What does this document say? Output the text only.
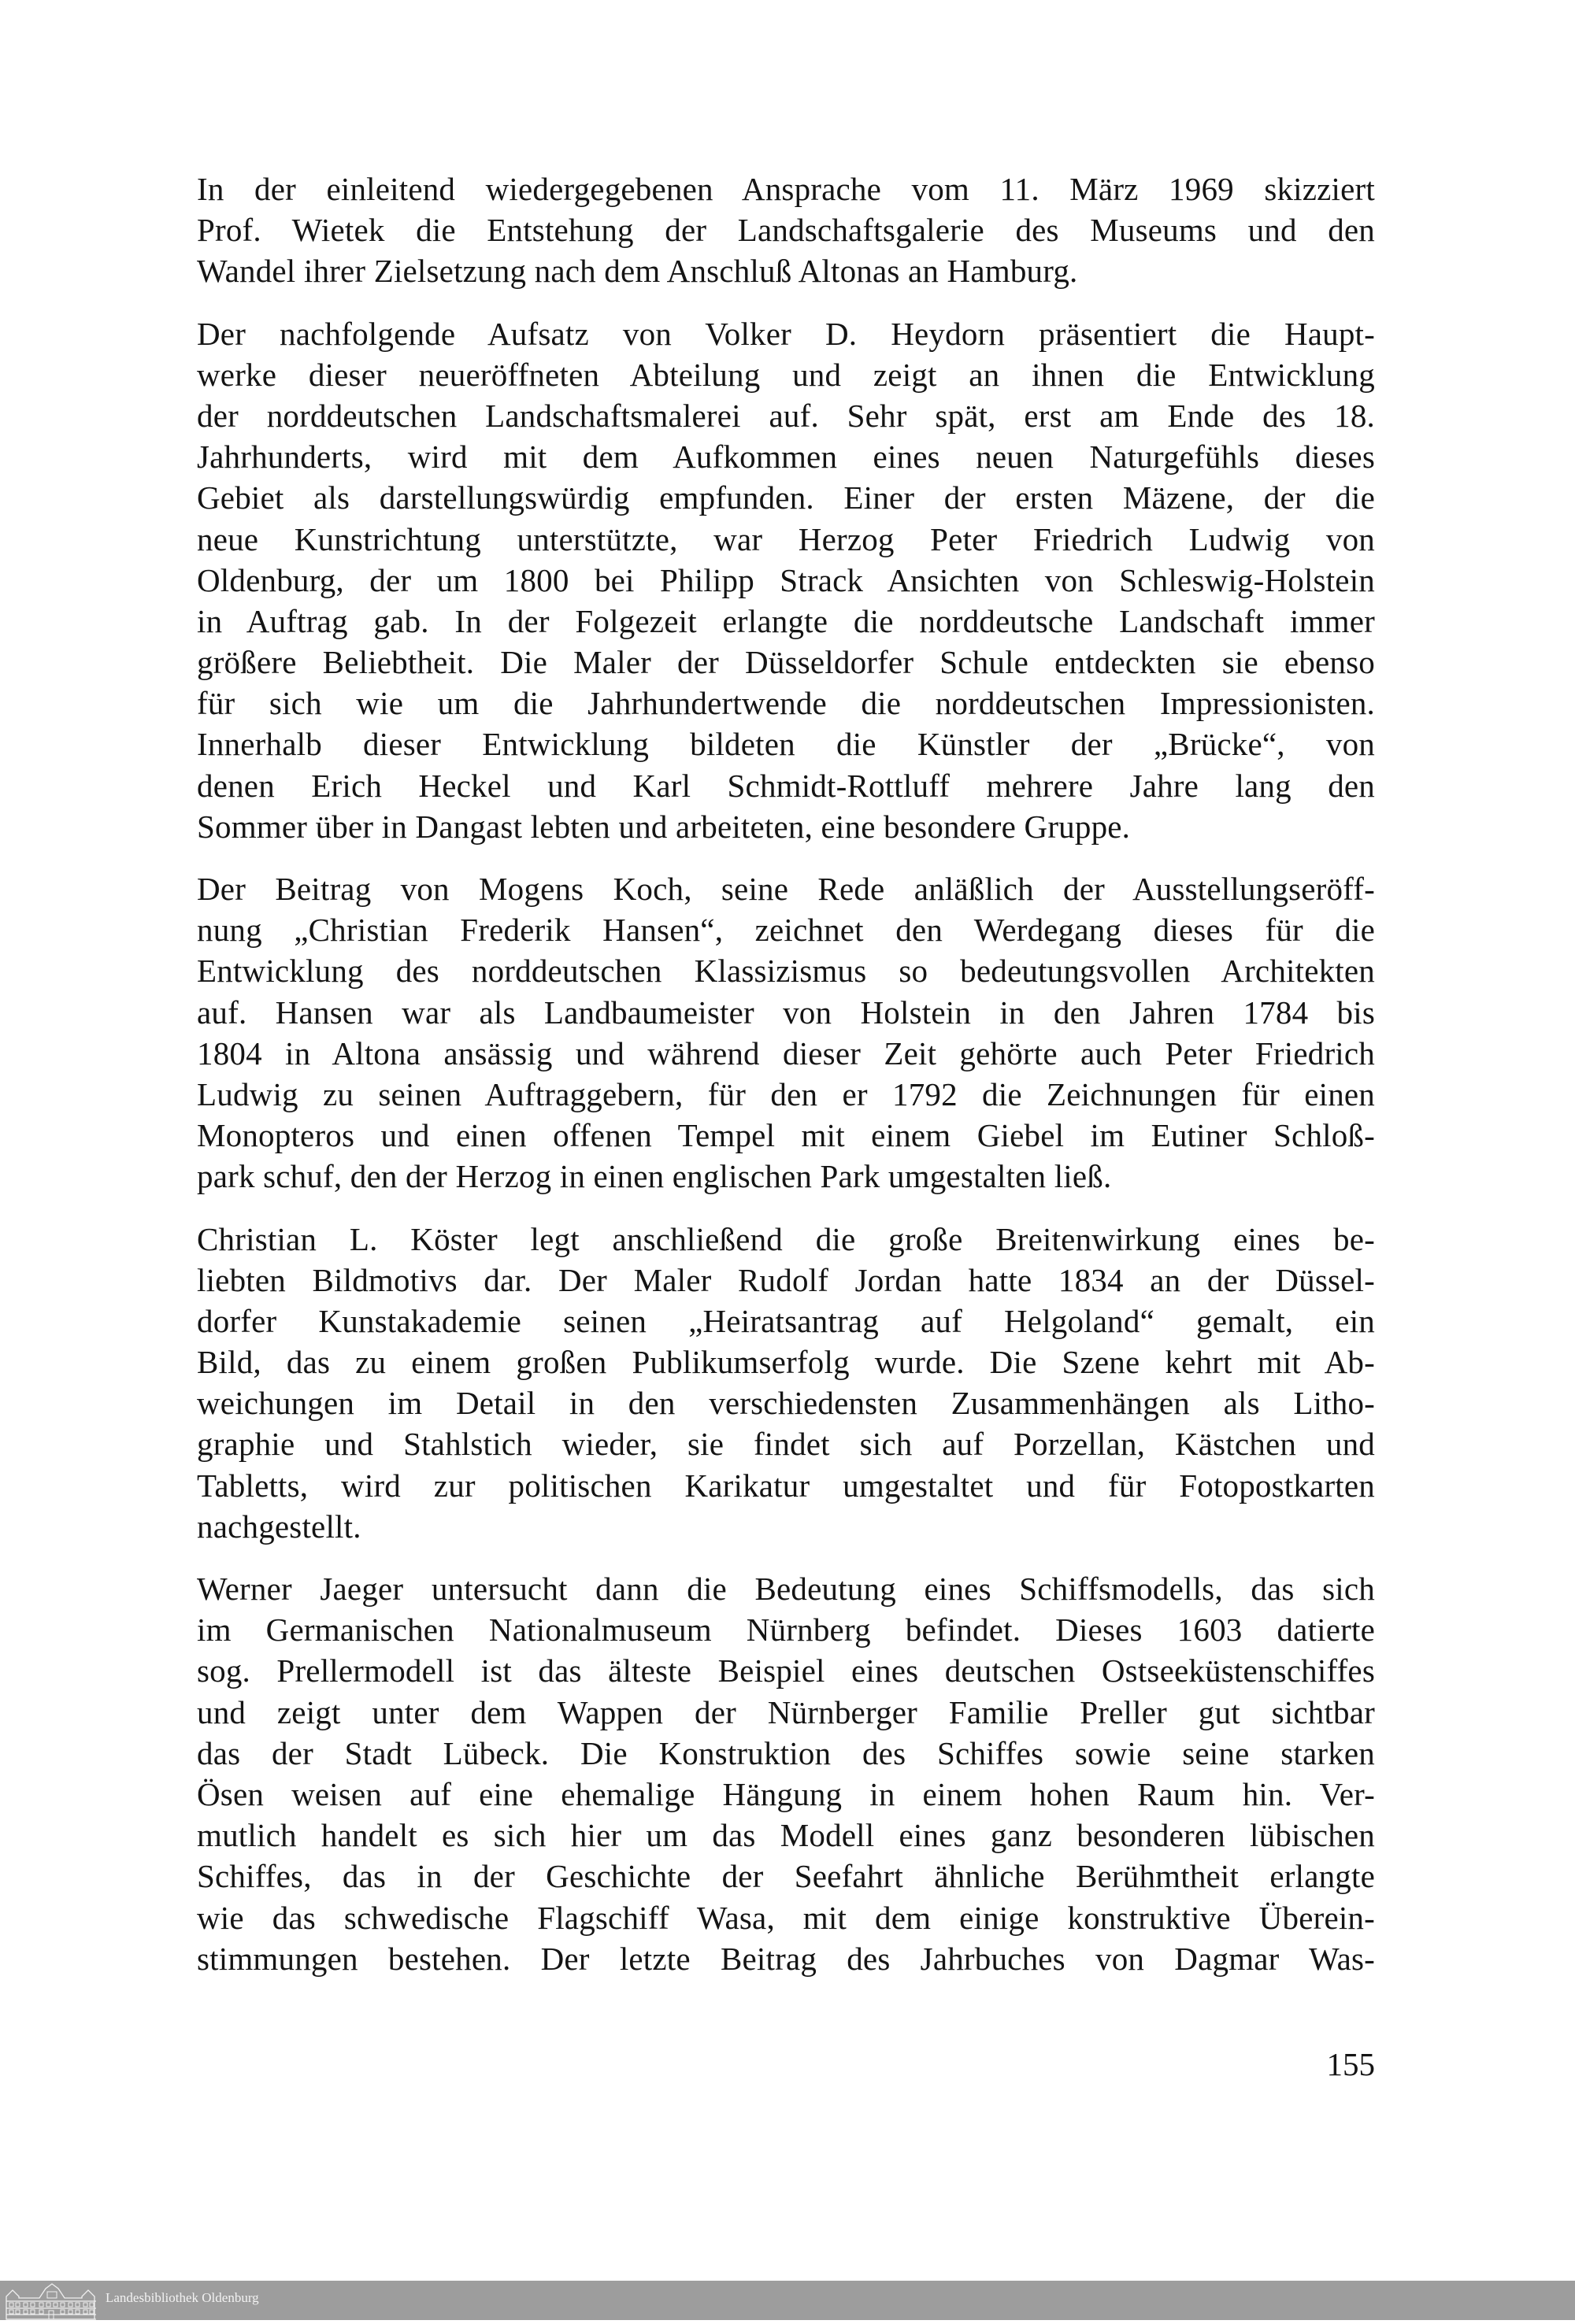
In der einleitend wiedergegebenen Ansprache vom 11. März 1969 skizziert
Prof. Wietek die Entstehung der Landschaftsgalerie des Museums und den
Wandel ihrer Zielsetzung nach dem Anschluß Altonas an Hamburg.

Der nachfolgende Aufsatz von Volker D. Heydorn präsentiert die Haupt-
werke dieser neueröffneten Abteilung und zeigt an ihnen die Entwicklung
der norddeutschen Landschaftsmalerei auf. Sehr spät, erst am Ende des 18.
Jahrhunderts, wird mit dem Aufkommen eines neuen Naturgefühls dieses
Gebiet als darstellungswürdig empfunden. Einer der ersten Mäzene, der die
neue Kunstrichtung unterstützte, war Herzog Peter Friedrich Ludwig von
Oldenburg, der um 1800 bei Philipp Strack Ansichten von Schleswig-Holstein
in Auftrag gab. In der Folgezeit erlangte die norddeutsche Landschaft immer
größere Beliebtheit. Die Maler der Düsseldorfer Schule entdeckten sie ebenso
für sich wie um die Jahrhundertwende die norddeutschen Impressionisten.
Innerhalb dieser Entwicklung bildeten die Künstler der „Brücke“, von
denen Erich Heckel und Karl Schmidt-Rottluff mehrere Jahre lang den
Sommer über in Dangast lebten und arbeiteten, eine besondere Gruppe.

Der Beitrag von Mogens Koch, seine Rede anläßlich der Ausstellungseröff-
nung „Christian Frederik Hansen“, zeichnet den Werdegang dieses für die
Entwicklung des norddeutschen Klassizismus so bedeutungsvollen Architekten
auf. Hansen war als Landbaumeister von Holstein in den Jahren 1784 bis
1804 in Altona ansässig und während dieser Zeit gehörte auch Peter Friedrich
Ludwig zu seinen Auftraggebern, für den er 1792 die Zeichnungen für einen
Monopteros und einen offenen Tempel mit einem Giebel im Eutiner Schloß-
park schuf, den der Herzog in einen englischen Park umgestalten ließ.

Christian L. Köster legt anschließend die große Breitenwirkung eines be-
liebten Bildmotivs dar. Der Maler Rudolf Jordan hatte 1834 an der Düssel-
dorfer Kunstakademie seinen „Heiratsantrag auf Helgoland“ gemalt, ein
Bild, das zu einem großen Publikumserfolg wurde. Die Szene kehrt mit Ab-
weichungen im Detail in den verschiedensten Zusammenhängen als Litho-
graphie und Stahlstich wieder, sie findet sich auf Porzellan, Kästchen und
Tabletts, wird zur politischen Karikatur umgestaltet und für Fotopostkarten
nachgestellt.

Werner Jaeger untersucht dann die Bedeutung eines Schiffsmodells, das sich
im Germanischen Nationalmuseum Nürnberg befindet. Dieses 1603 datierte
sog. Prellermodell ist das älteste Beispiel eines deutschen Ostseeküstenschiffes
und zeigt unter dem Wappen der Nürnberger Familie Preller gut sichtbar
das der Stadt Lübeck. Die Konstruktion des Schiffes sowie seine starken
Ösen weisen auf eine ehemalige Hängung in einem hohen Raum hin. Ver-
mutlich handelt es sich hier um das Modell eines ganz besonderen lübischen
Schiffes, das in der Geschichte der Seefahrt ähnliche Berühmtheit erlangte
wie das schwedische Flagschiff Wasa, mit dem einige konstruktive Überein-
stimmungen bestehen. Der letzte Beitrag des Jahrbuches von Dagmar Was-

155
Landesbibliothek Oldenburg
